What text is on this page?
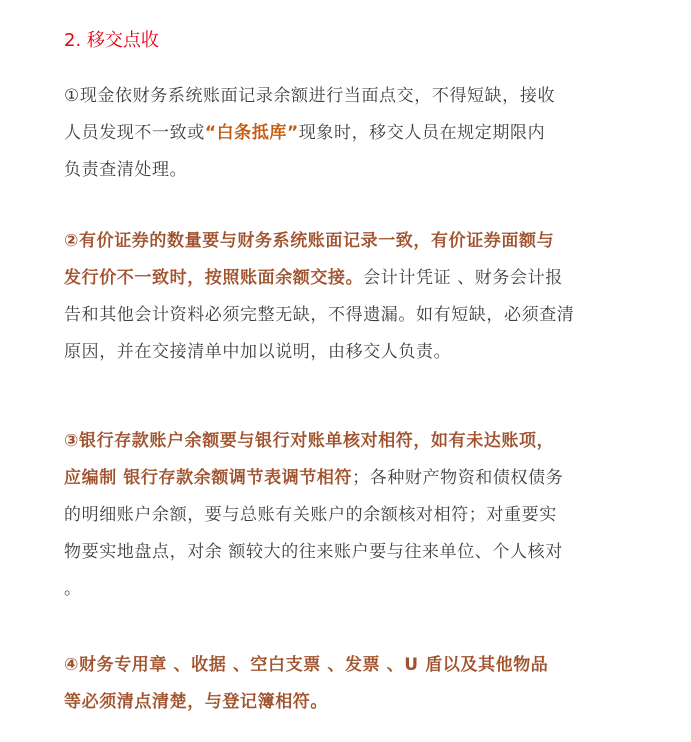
2. 移交点收
①现金依财务系统账面记录余额进行当面点交，不得短缺，接收
人员发现不一致或“白条抵库”现象时，移交人员在规定期限内
负责查清处理。
②有价证券的数量要与财务系统账面记录一致，有价证券面额与
发行价不一致时，按照账面余额交接。会计计凭证 、财务会计报
告和其他会计资料必须完整无缺，不得遗漏。如有短缺，必须查清
原因，并在交接清单中加以说明，由移交人负责。
③银行存款账户余额要与银行对账单核对相符，如有未达账项，
应编制 银行存款余额调节表调节相符；各种财产物资和债权债务
的明细账户余额，要与总账有关账户的余额核对相符；对重要实
物要实地盘点，对余 额较大的往来账户要与往来单位、个人核对
。
④财务专用章 、收据 、空白支票 、发票 、U 盾以及其他物品
等必须清点清楚，与登记簿相符。
